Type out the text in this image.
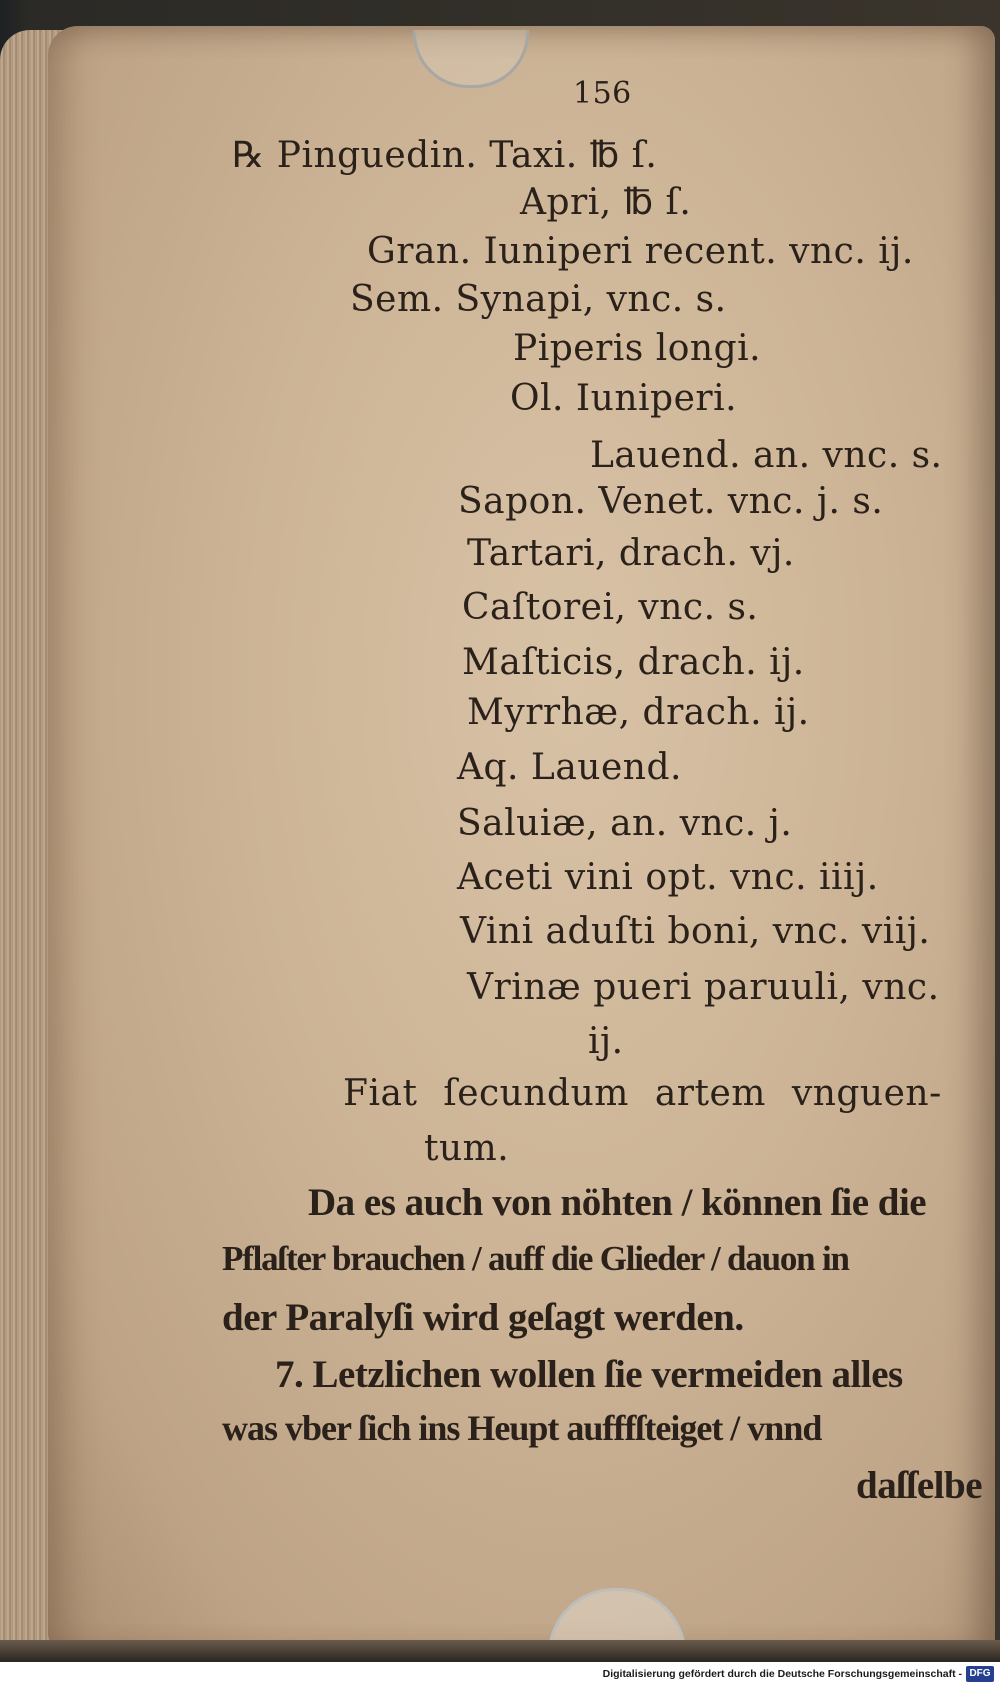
156
℞ Pinguedin. Taxi. ℔ ſ.
Apri, ℔ ſ.
Gran. Iuniperi recent. vnc. ij.
Sem. Synapi, vnc. s.
Piperis longi.
Ol. Iuniperi.
Lauend. an. vnc. s.
Sapon. Venet. vnc. j. s.
Tartari, drach. vj.
Caſtorei, vnc. s.
Maſticis, drach. ij.
Myrrhæ, drach. ij.
Aq. Lauend.
Saluiæ, an. vnc. j.
Aceti vini opt. vnc. iiij.
Vini aduſti boni, vnc. viij.
Vrinæ pueri paruuli, vnc.
ij.
Fiat ſecundum artem vnguen-
tum.
Da es auch von nöhten / können ſie die
Pflaſter brauchen / auff die Glieder / dauon in
der Paralyſi wird geſagt werden.
7. Letzlichen wollen ſie vermeiden alles
was vber ſich ins Heupt aufffſteiget / vnnd
daſſelbe
Digitalisierung gefördert durch die Deutsche Forschungsgemeinschaft - DFG
